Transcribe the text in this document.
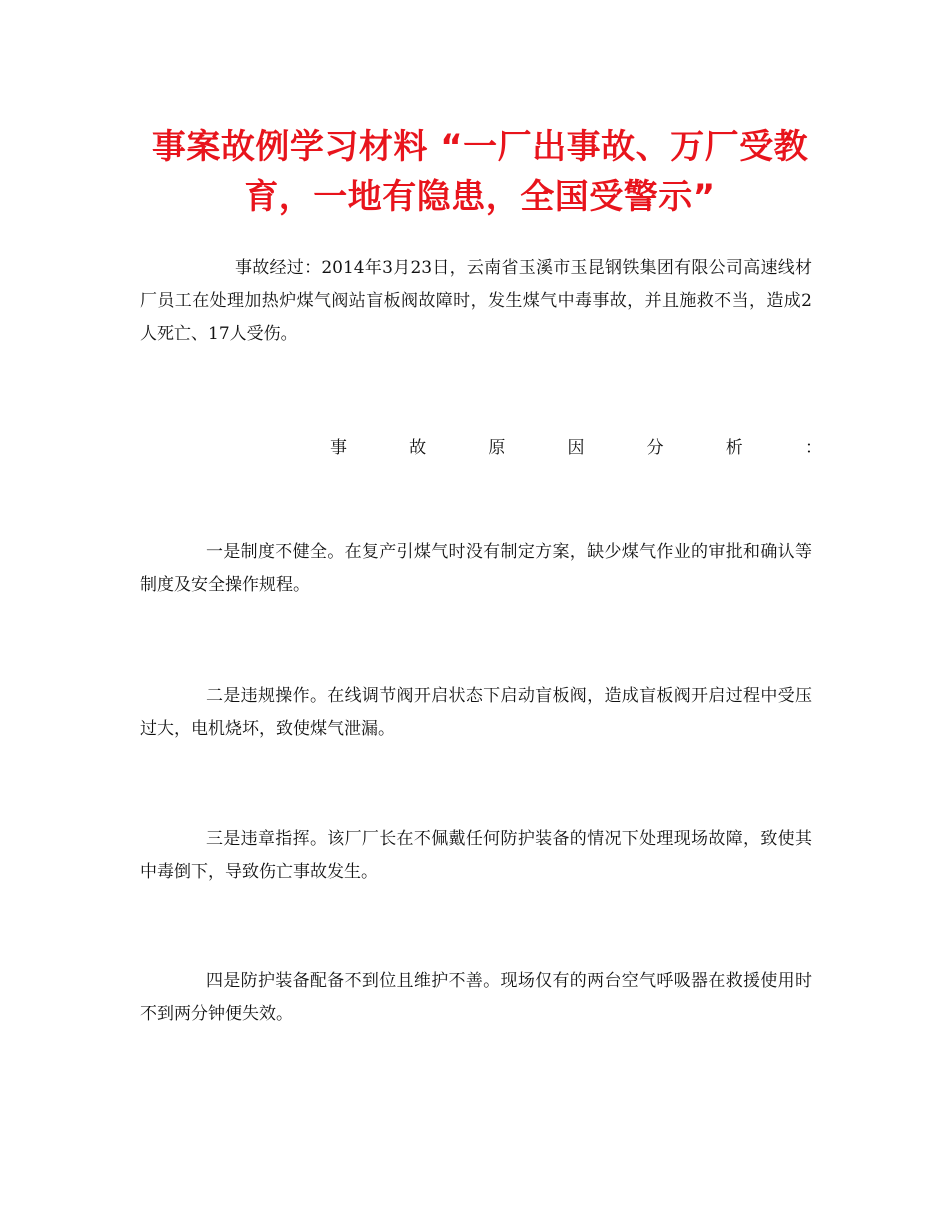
事案故例学习材料 “一厂出事故、万厂受教育，一地有隐患，全国受警示”

事故经过：2014年3月23日，云南省玉溪市玉昆钢铁集团有限公司高速线材厂员工在处理加热炉煤气阀站盲板阀故障时，发生煤气中毒事故，并且施救不当，造成2人死亡、17人受伤。

事	故	原	因	分	析	：

一是制度不健全。在复产引煤气时没有制定方案，缺少煤气作业的审批和确认等制度及安全操作规程。

二是违规操作。在线调节阀开启状态下启动盲板阀，造成盲板阀开启过程中受压过大，电机烧坏，致使煤气泄漏。

三是违章指挥。该厂厂长在不佩戴任何防护装备的情况下处理现场故障，致使其中毒倒下，导致伤亡事故发生。

四是防护装备配备不到位且维护不善。现场仅有的两台空气呼吸器在救援使用时不到两分钟便失效。
